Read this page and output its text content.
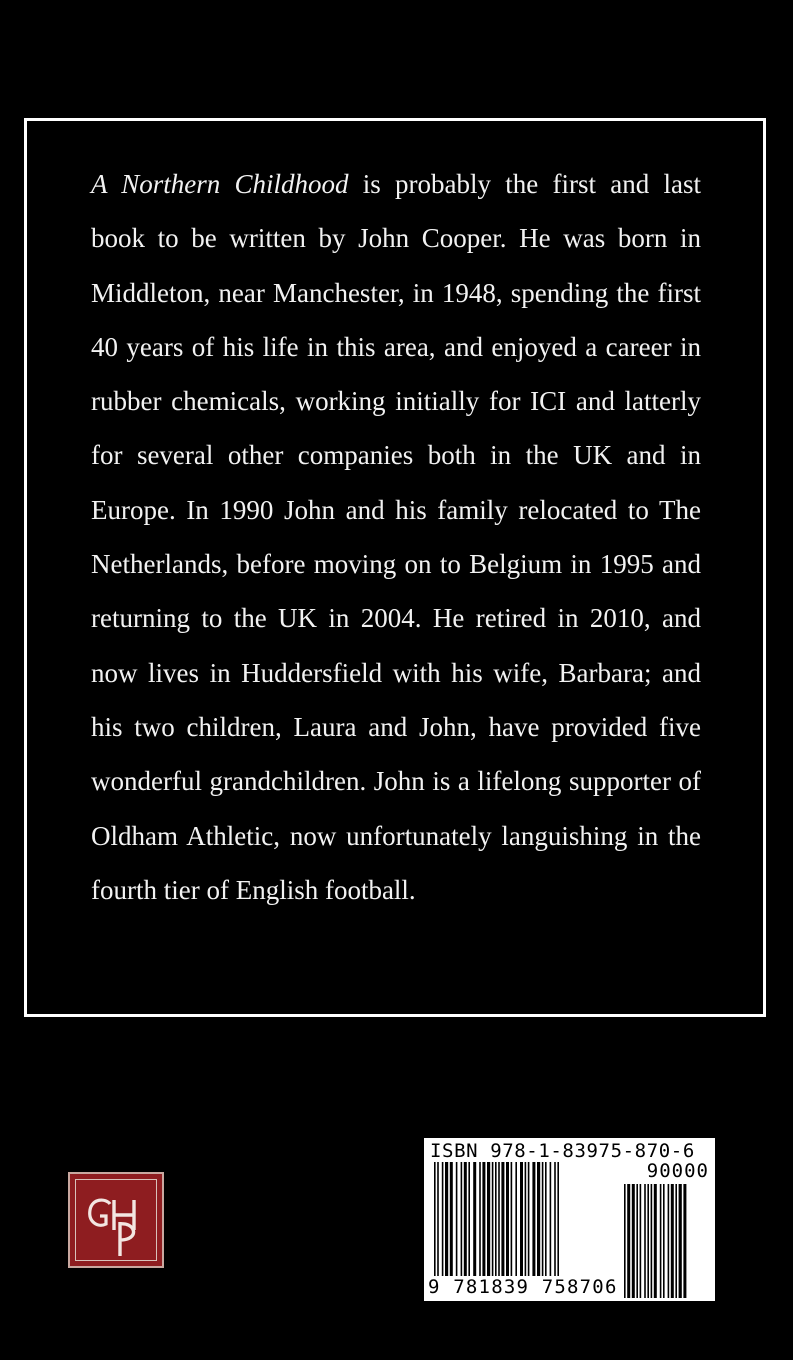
A Northern Childhood is probably the first and last book to be written by John Cooper. He was born in Middleton, near Manchester, in 1948, spending the first 40 years of his life in this area, and enjoyed a career in rubber chemicals, working initially for ICI and latterly for several other companies both in the UK and in Europe. In 1990 John and his family relocated to The Netherlands, before moving on to Belgium in 1995 and returning to the UK in 2004. He retired in 2010, and now lives in Huddersfield with his wife, Barbara; and his two children, Laura and John, have provided five wonderful grandchildren. John is a lifelong supporter of Oldham Athletic, now unfortunately languishing in the fourth tier of English football.

ISBN 978-1-83975-870-6
90000
9 781839 758706
